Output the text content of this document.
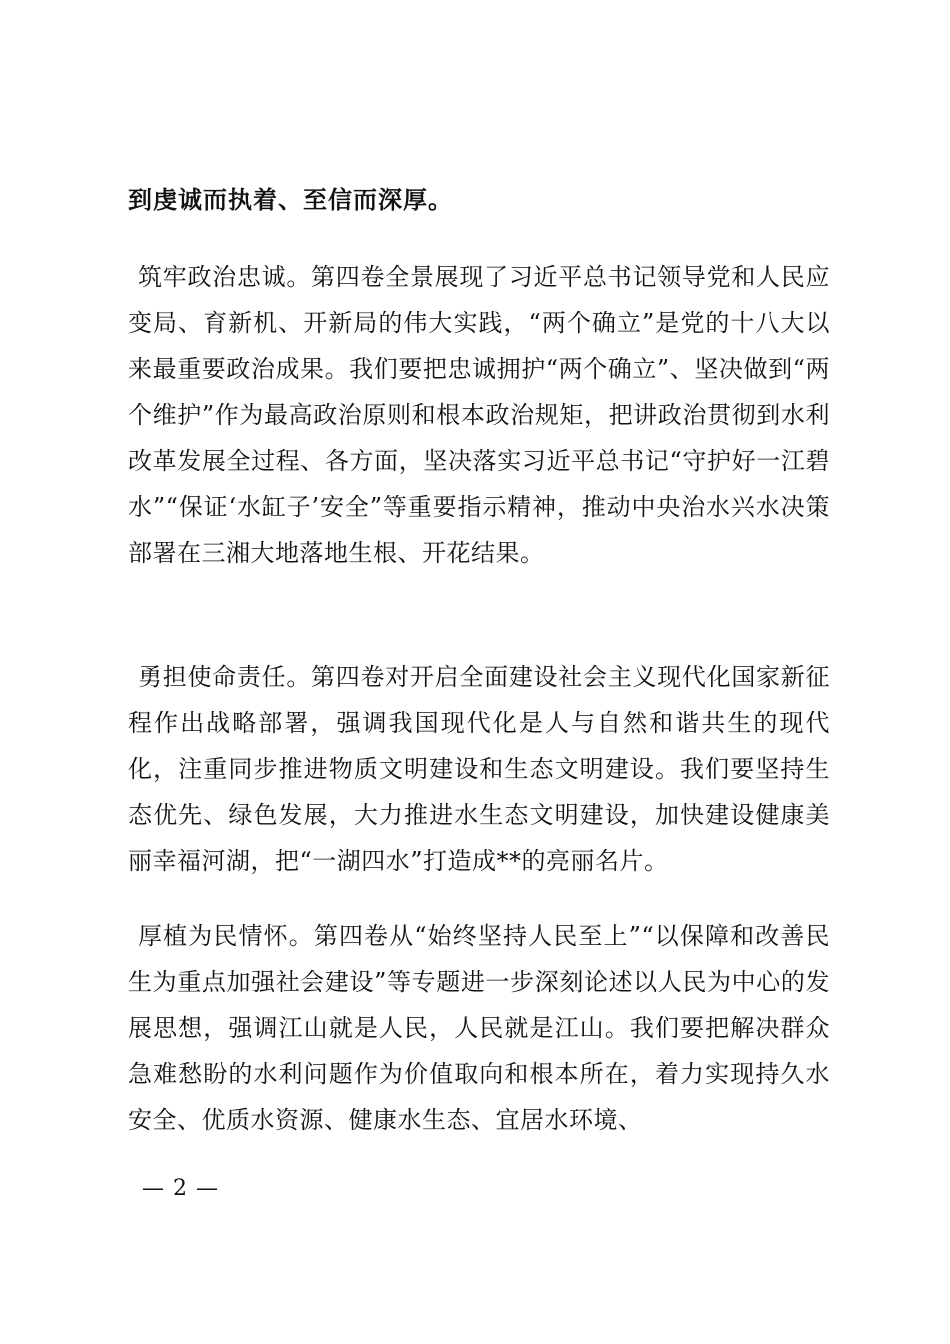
到虔诚而执着、至信而深厚。

筑牢政治忠诚。第四卷全景展现了习近平总书记领导党和人民应变局、育新机、开新局的伟大实践，“两个确立”是党的十八大以来最重要政治成果。我们要把忠诚拥护“两个确立”、坚决做到“两个维护”作为最高政治原则和根本政治规矩，把讲政治贯彻到水利改革发展全过程、各方面，坚决落实习近平总书记“守护好一江碧水”“保证‘水缸子’安全”等重要指示精神，推动中央治水兴水决策部署在三湘大地落地生根、开花结果。

勇担使命责任。第四卷对开启全面建设社会主义现代化国家新征程作出战略部署，强调我国现代化是人与自然和谐共生的现代化，注重同步推进物质文明建设和生态文明建设。我们要坚持生态优先、绿色发展，大力推进水生态文明建设，加快建设健康美丽幸福河湖，把“一湖四水”打造成**的亮丽名片。

厚植为民情怀。第四卷从“始终坚持人民至上”“以保障和改善民生为重点加强社会建设”等专题进一步深刻论述以人民为中心的发展思想，强调江山就是人民，人民就是江山。我们要把解决群众急难愁盼的水利问题作为价值取向和根本所在，着力实现持久水安全、优质水资源、健康水生态、宜居水环境、

— 2 —
